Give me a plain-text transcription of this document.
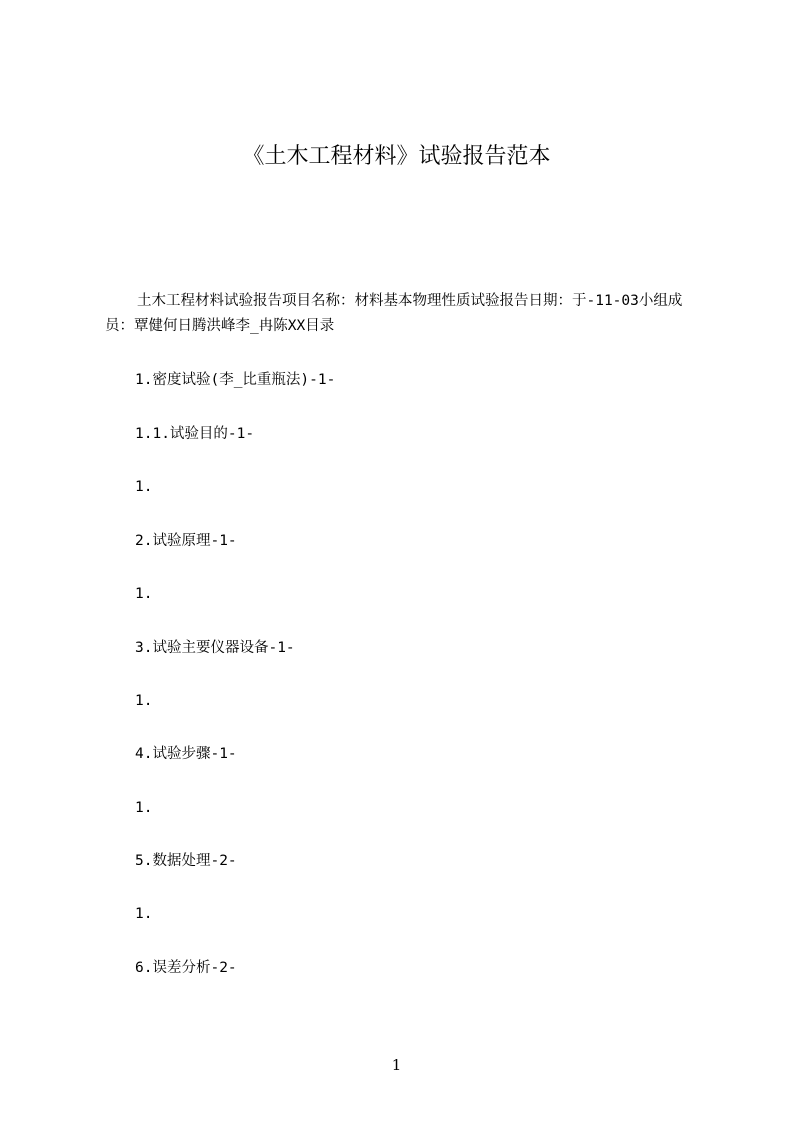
《土木工程材料》试验报告范本

土木工程材料试验报告项目名称：材料基本物理性质试验报告日期：于-11-03小组成员：覃健何日腾洪峰李_冉陈XX目录

1.密度试验(李_比重瓶法)-1-
1.1.试验目的-1-
1.
2.试验原理-1-
1.
3.试验主要仪器设备-1-
1.
4.试验步骤-1-
1.
5.数据处理-2-
1.
6.误差分析-2-
1
